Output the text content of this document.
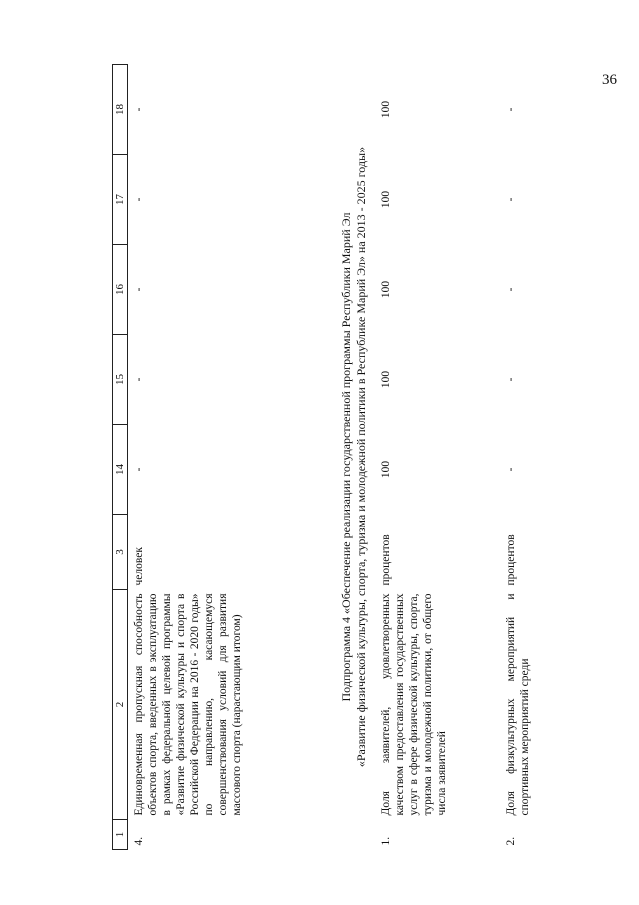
36
1	2	3	14	15	16	17	18
4.	Единовременная пропускная способность объектов спорта, введенных в эксплуатацию в рамках федеральной целевой программы «Развитие физической культуры и спорта в Российской Федерации на 2016 - 2020 годы» по направлению, касающемуся совершенствования условий для развития массового спорта (нарастающим итогом)	человек	-	-	-	-	-

Подпрограмма 4 «Обеспечение реализации государственной программы Республики Марий Эл «Развитие физической культуры, спорта, туризма и молодежной политики в Республике Марий Эл» на 2013 - 2025 годы»							

1.	Доля заявителей, удовлетворенных качеством предоставления государственных услуг в сфере физической культуры, спорта, туризма и молодежной политики, от общего числа заявителей	процентов	100	100	100	100	100
2.	Доля физкультурных мероприятий и спортивных мероприятий среди	процентов	-	-	-	-	-
